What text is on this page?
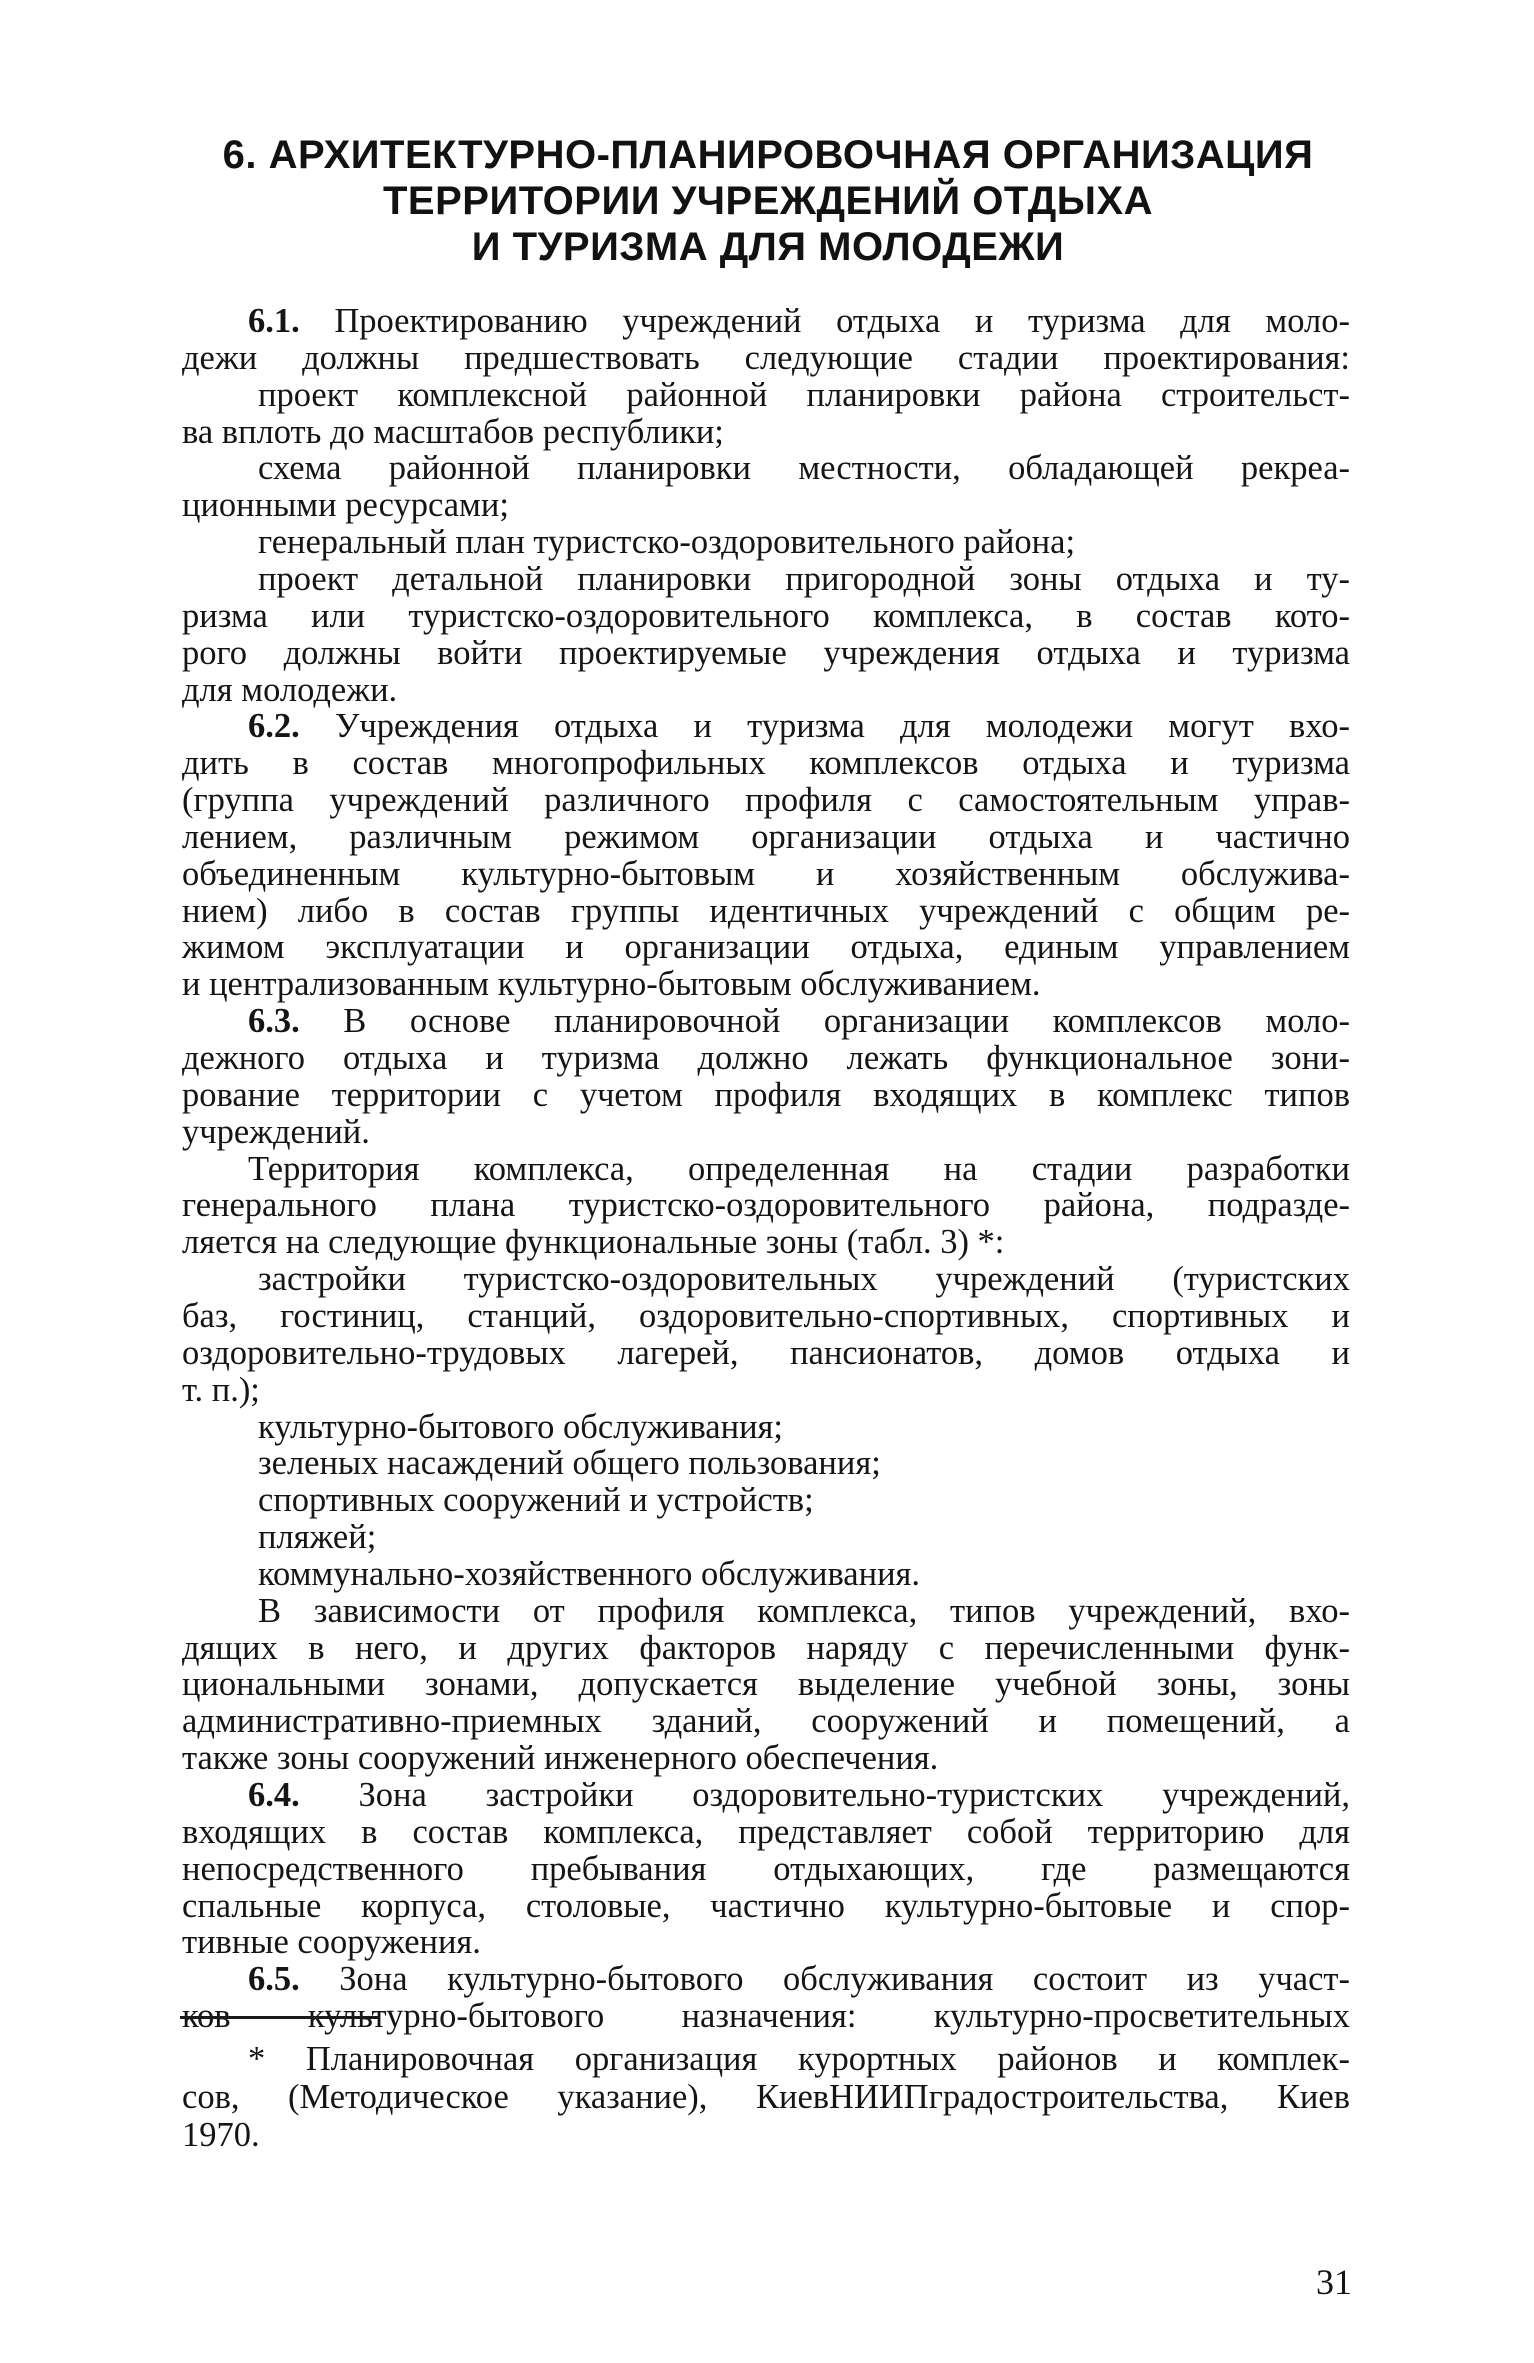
6. АРХИТЕКТУРНО-ПЛАНИРОВОЧНАЯ ОРГАНИЗАЦИЯ
ТЕРРИТОРИИ УЧРЕЖДЕНИЙ ОТДЫХА
И ТУРИЗМА ДЛЯ МОЛОДЕЖИ

6.1. Проектированию учреждений отдыха и туризма для моло-

дежи должны предшествовать следующие стадии проектирования:

проект комплексной районной планировки района строительст-

ва вплоть до масштабов республики;

схема районной планировки местности, обладающей рекреа-

ционными ресурсами;

генеральный план туристско-оздоровительного района;

проект детальной планировки пригородной зоны отдыха и ту-

ризма или туристско-оздоровительного комплекса, в состав кото-

рого должны войти проектируемые учреждения отдыха и туризма

для молодежи.

6.2. Учреждения отдыха и туризма для молодежи могут вхо-

дить в состав многопрофильных комплексов отдыха и туризма

(группа учреждений различного профиля с самостоятельным управ-

лением, различным режимом организации отдыха и частично

объединенным культурно-бытовым и хозяйственным обслужива-

нием) либо в состав группы идентичных учреждений с общим ре-

жимом эксплуатации и организации отдыха, единым управлением

и централизованным культурно-бытовым обслуживанием.

6.3. В основе планировочной организации комплексов моло-

дежного отдыха и туризма должно лежать функциональное зони-

рование территории с учетом профиля входящих в комплекс типов

учреждений.

Территория комплекса, определенная на стадии разработки

генерального плана туристско-оздоровительного района, подразде-

ляется на следующие функциональные зоны (табл. 3) *:

застройки туристско-оздоровительных учреждений (туристских

баз, гостиниц, станций, оздоровительно-спортивных, спортивных и

оздоровительно-трудовых лагерей, пансионатов, домов отдыха и

т. п.);

культурно-бытового обслуживания;

зеленых насаждений общего пользования;

спортивных сооружений и устройств;

пляжей;

коммунально-хозяйственного обслуживания.

В зависимости от профиля комплекса, типов учреждений, вхо-

дящих в него, и других факторов наряду с перечисленными функ-

циональными зонами, допускается выделение учебной зоны, зоны

административно-приемных зданий, сооружений и помещений, а

также зоны сооружений инженерного обеспечения.

6.4. Зона застройки оздоровительно-туристских учреждений,

входящих в состав комплекса, представляет собой территорию для

непосредственного пребывания отдыхающих, где размещаются

спальные корпуса, столовые, частично культурно-бытовые и спор-

тивные сооружения.

6.5. Зона культурно-бытового обслуживания состоит из участ-

ков культурно-бытового назначения: культурно-просветительных

* Планировочная организация курортных районов и комплек-

сов, (Методическое указание), КиевНИИПградостроительства, Киев

1970.

31
